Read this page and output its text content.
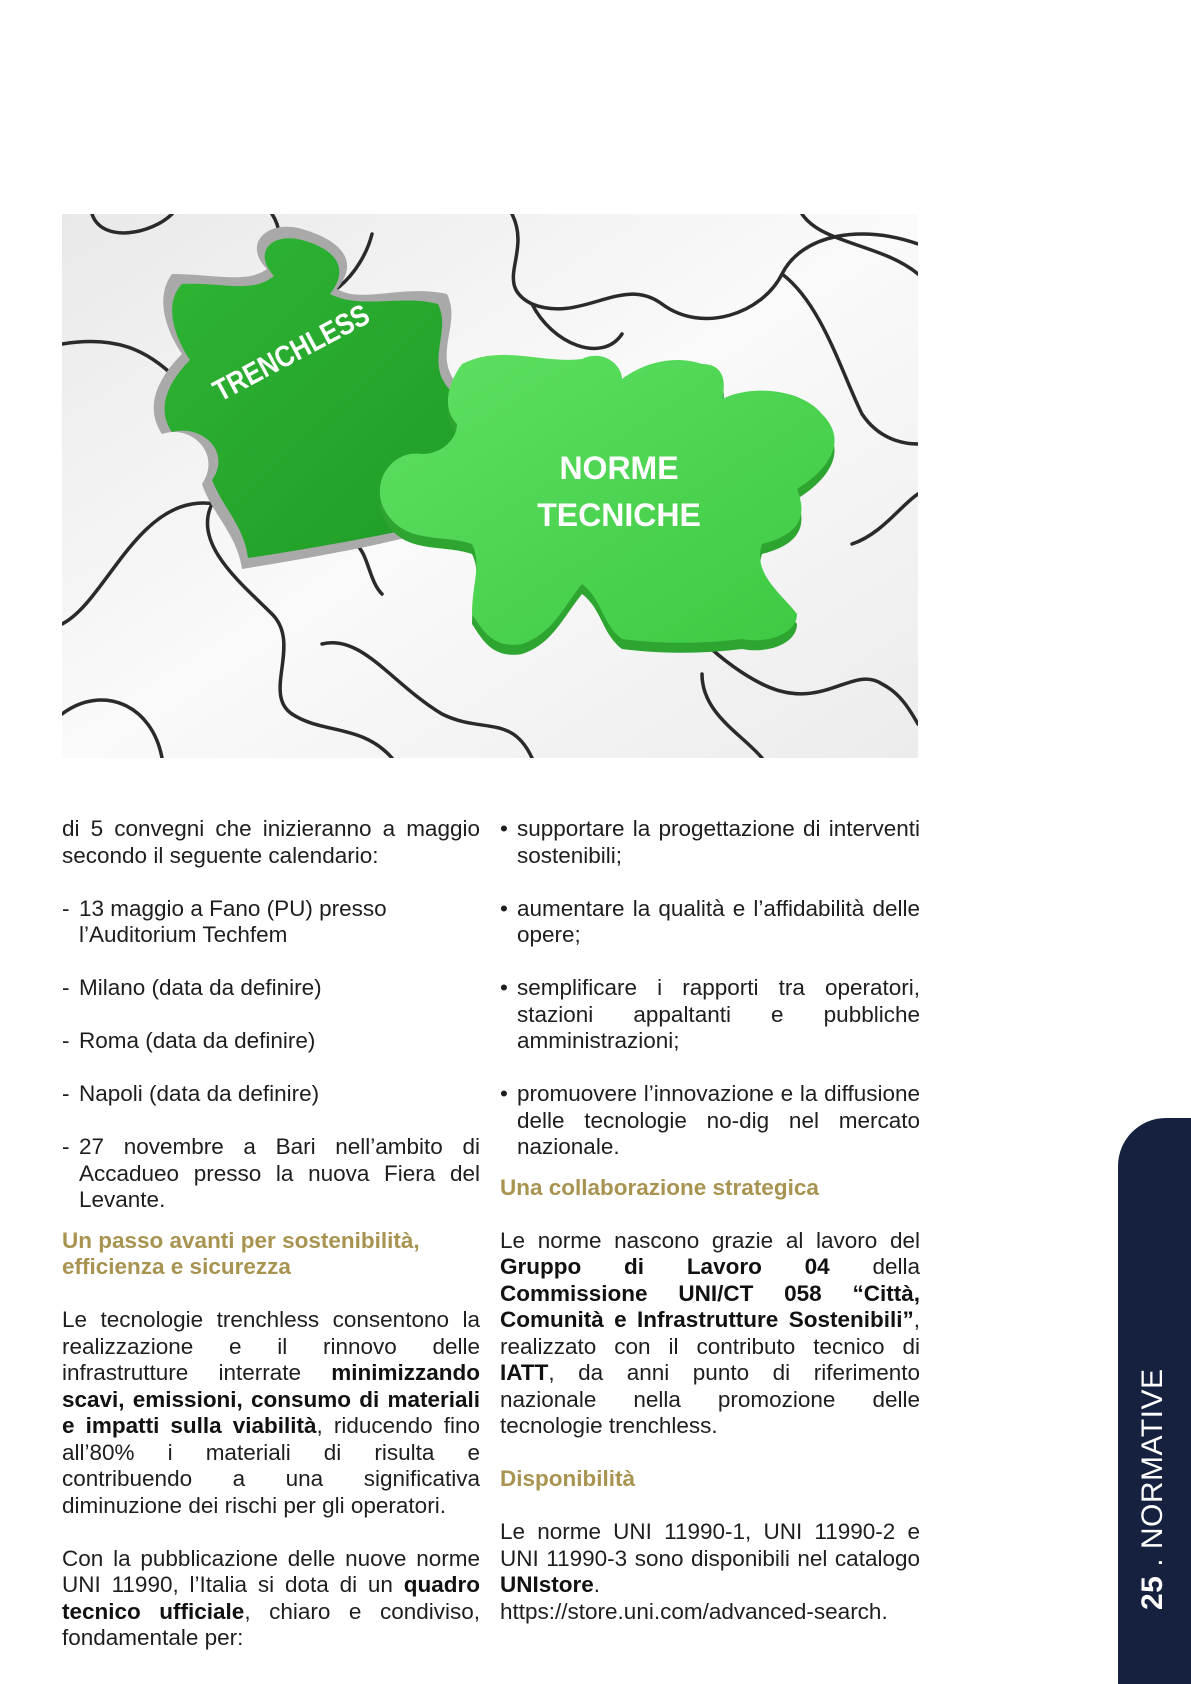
TRENCHLESS
NORME
TECNICHE

di 5 convegni che inizieranno a maggio secondo il seguente calendario:

- 13 maggio a Fano (PU) presso l’Auditorium Techfem
- Milano (data da definire)
- Roma (data da definire)
- Napoli (data da definire)
- 27 novembre a Bari nell’ambito di Accadueo presso la nuova Fiera del Levante.

Un passo avanti per sostenibilità, efficienza e sicurezza

Le tecnologie trenchless consentono la realizzazione e il rinnovo delle infrastrutture interrate minimizzando scavi, emissioni, consumo di materiali e impatti sulla viabilità, riducendo fino all’80% i materiali di risulta e contribuendo a una significativa diminuzione dei rischi per gli operatori.

Con la pubblicazione delle nuove norme UNI 11990, l’Italia si dota di un quadro tecnico ufficiale, chiaro e condiviso, fondamentale per:

• supportare la progettazione di interventi sostenibili;
• aumentare la qualità e l’affidabilità delle opere;
• semplificare i rapporti tra operatori, stazioni appaltanti e pubbliche amministrazioni;
• promuovere l’innovazione e la diffusione delle tecnologie no-dig nel mercato nazionale.

Una collaborazione strategica

Le norme nascono grazie al lavoro del Gruppo di Lavoro 04 della Commissione UNI/CT 058 “Città, Comunità e Infrastrutture Sostenibili”, realizzato con il contributo tecnico di IATT, da anni punto di riferimento nazionale nella promozione delle tecnologie trenchless.

Disponibilità

Le norme UNI 11990-1, UNI 11990-2 e UNI 11990-3 sono disponibili nel catalogo UNIstore.

https://store.uni.com/advanced-search.

25 . NORMATIVE
